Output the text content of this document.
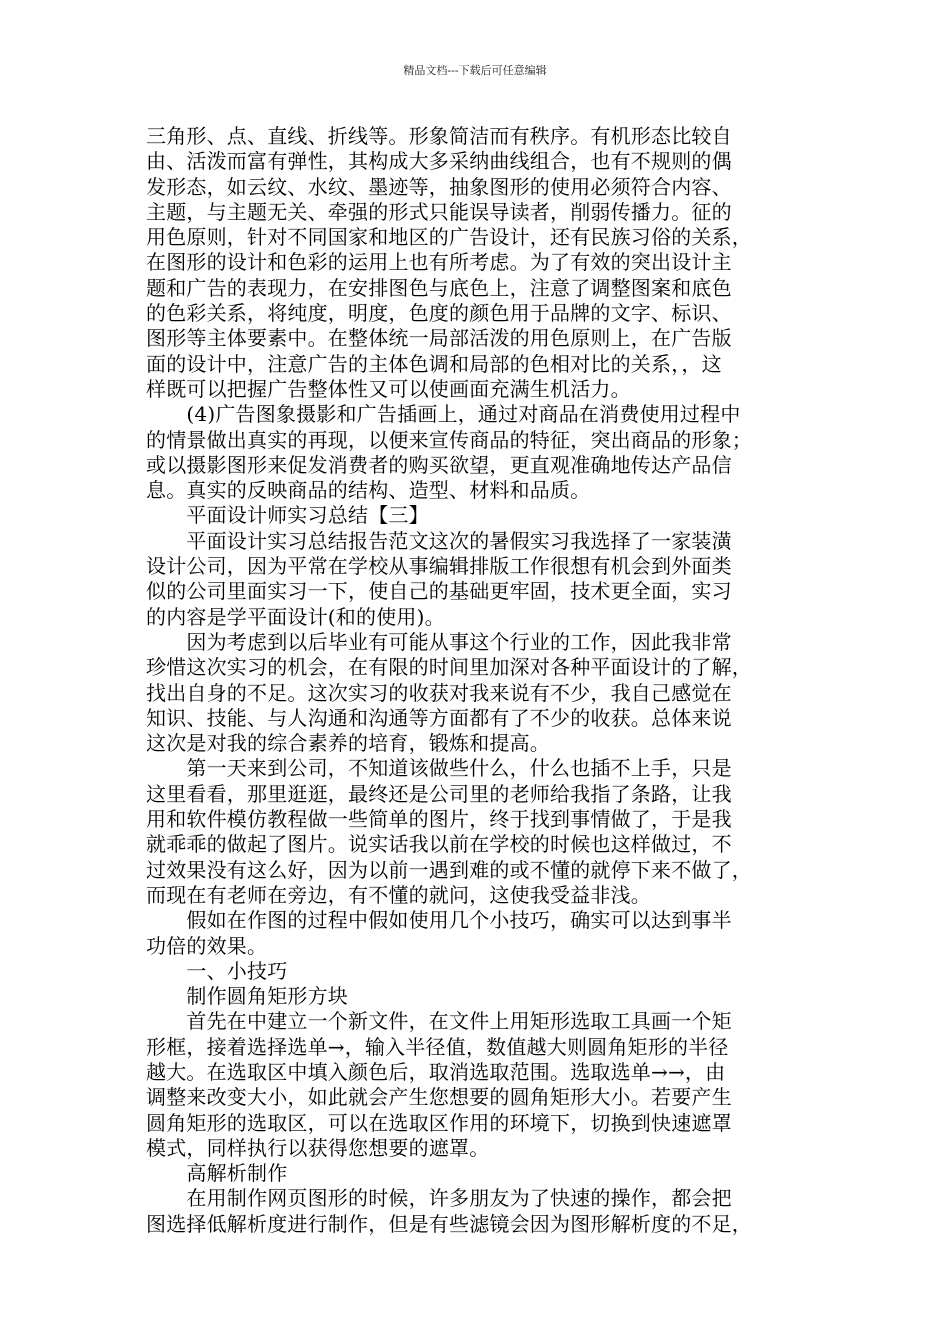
精品文档---下载后可任意编辑
三角形、点、直线、折线等。形象简洁而有秩序。有机形态比较自
由、活泼而富有弹性，其构成大多采纳曲线组合，也有不规则的偶
发形态，如云纹、水纹、墨迹等，抽象图形的使用必须符合内容、
主题，与主题无关、牵强的形式只能误导读者，削弱传播力。征的
用色原则，针对不同国家和地区的广告设计，还有民族习俗的关系，
在图形的设计和色彩的运用上也有所考虑。为了有效的突出设计主
题和广告的表现力，在安排图色与底色上，注意了调整图案和底色
的色彩关系，将纯度，明度，色度的颜色用于品牌的文字、标识、
图形等主体要素中。在整体统一局部活泼的用色原则上，在广告版
面的设计中，注意广告的主体色调和局部的色相对比的关系，，这
样既可以把握广告整体性又可以使画面充满生机活力。
　　(4)广告图象摄影和广告插画上，通过对商品在消费使用过程中
的情景做出真实的再现，以便来宣传商品的特征，突出商品的形象；
或以摄影图形来促发消费者的购买欲望，更直观准确地传达产品信
息。真实的反映商品的结构、造型、材料和品质。
　　平面设计师实习总结【三】
　　平面设计实习总结报告范文这次的暑假实习我选择了一家装潢
设计公司，因为平常在学校从事编辑排版工作很想有机会到外面类
似的公司里面实习一下，使自己的基础更牢固，技术更全面，实习
的内容是学平面设计(和的使用)。
　　因为考虑到以后毕业有可能从事这个行业的工作，因此我非常
珍惜这次实习的机会，在有限的时间里加深对各种平面设计的了解，
找出自身的不足。这次实习的收获对我来说有不少，我自己感觉在
知识、技能、与人沟通和沟通等方面都有了不少的收获。总体来说
这次是对我的综合素养的培育，锻炼和提高。
　　第一天来到公司，不知道该做些什么，什么也插不上手，只是
这里看看，那里逛逛，最终还是公司里的老师给我指了条路，让我
用和软件模仿教程做一些简单的图片，终于找到事情做了，于是我
就乖乖的做起了图片。说实话我以前在学校的时候也这样做过，不
过效果没有这么好，因为以前一遇到难的或不懂的就停下来不做了，
而现在有老师在旁边，有不懂的就问，这使我受益非浅。
　　假如在作图的过程中假如使用几个小技巧，确实可以达到事半
功倍的效果。
　　一、小技巧
　　制作圆角矩形方块
　　首先在中建立一个新文件，在文件上用矩形选取工具画一个矩
形框，接着选择选单→，输入半径值，数值越大则圆角矩形的半径
越大。在选取区中填入颜色后，取消选取范围。选取选单→→，由
调整来改变大小，如此就会产生您想要的圆角矩形大小。若要产生
圆角矩形的选取区，可以在选取区作用的环境下，切换到快速遮罩
模式，同样执行以获得您想要的遮罩。
　　高解析制作
　　在用制作网页图形的时候，许多朋友为了快速的操作，都会把
图选择低解析度进行制作，但是有些滤镜会因为图形解析度的不足，
